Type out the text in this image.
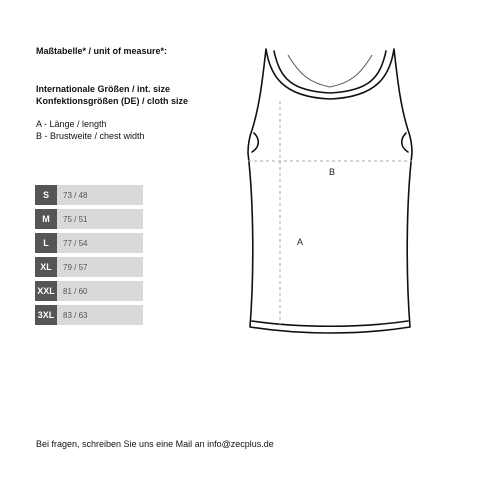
Maßtabelle* / unit of measure*:
Internationale Größen / int. size
Konfektionsgrößen (DE) / cloth size
A - Länge / length
B - Brustweite / chest width
S	73 / 48
M	75 / 51
L	77 / 54
XL	79 / 57
XXL	81 / 60
3XL	83 / 63
A
B
Bei fragen, schreiben Sie uns eine Mail an info@zecplus.de
